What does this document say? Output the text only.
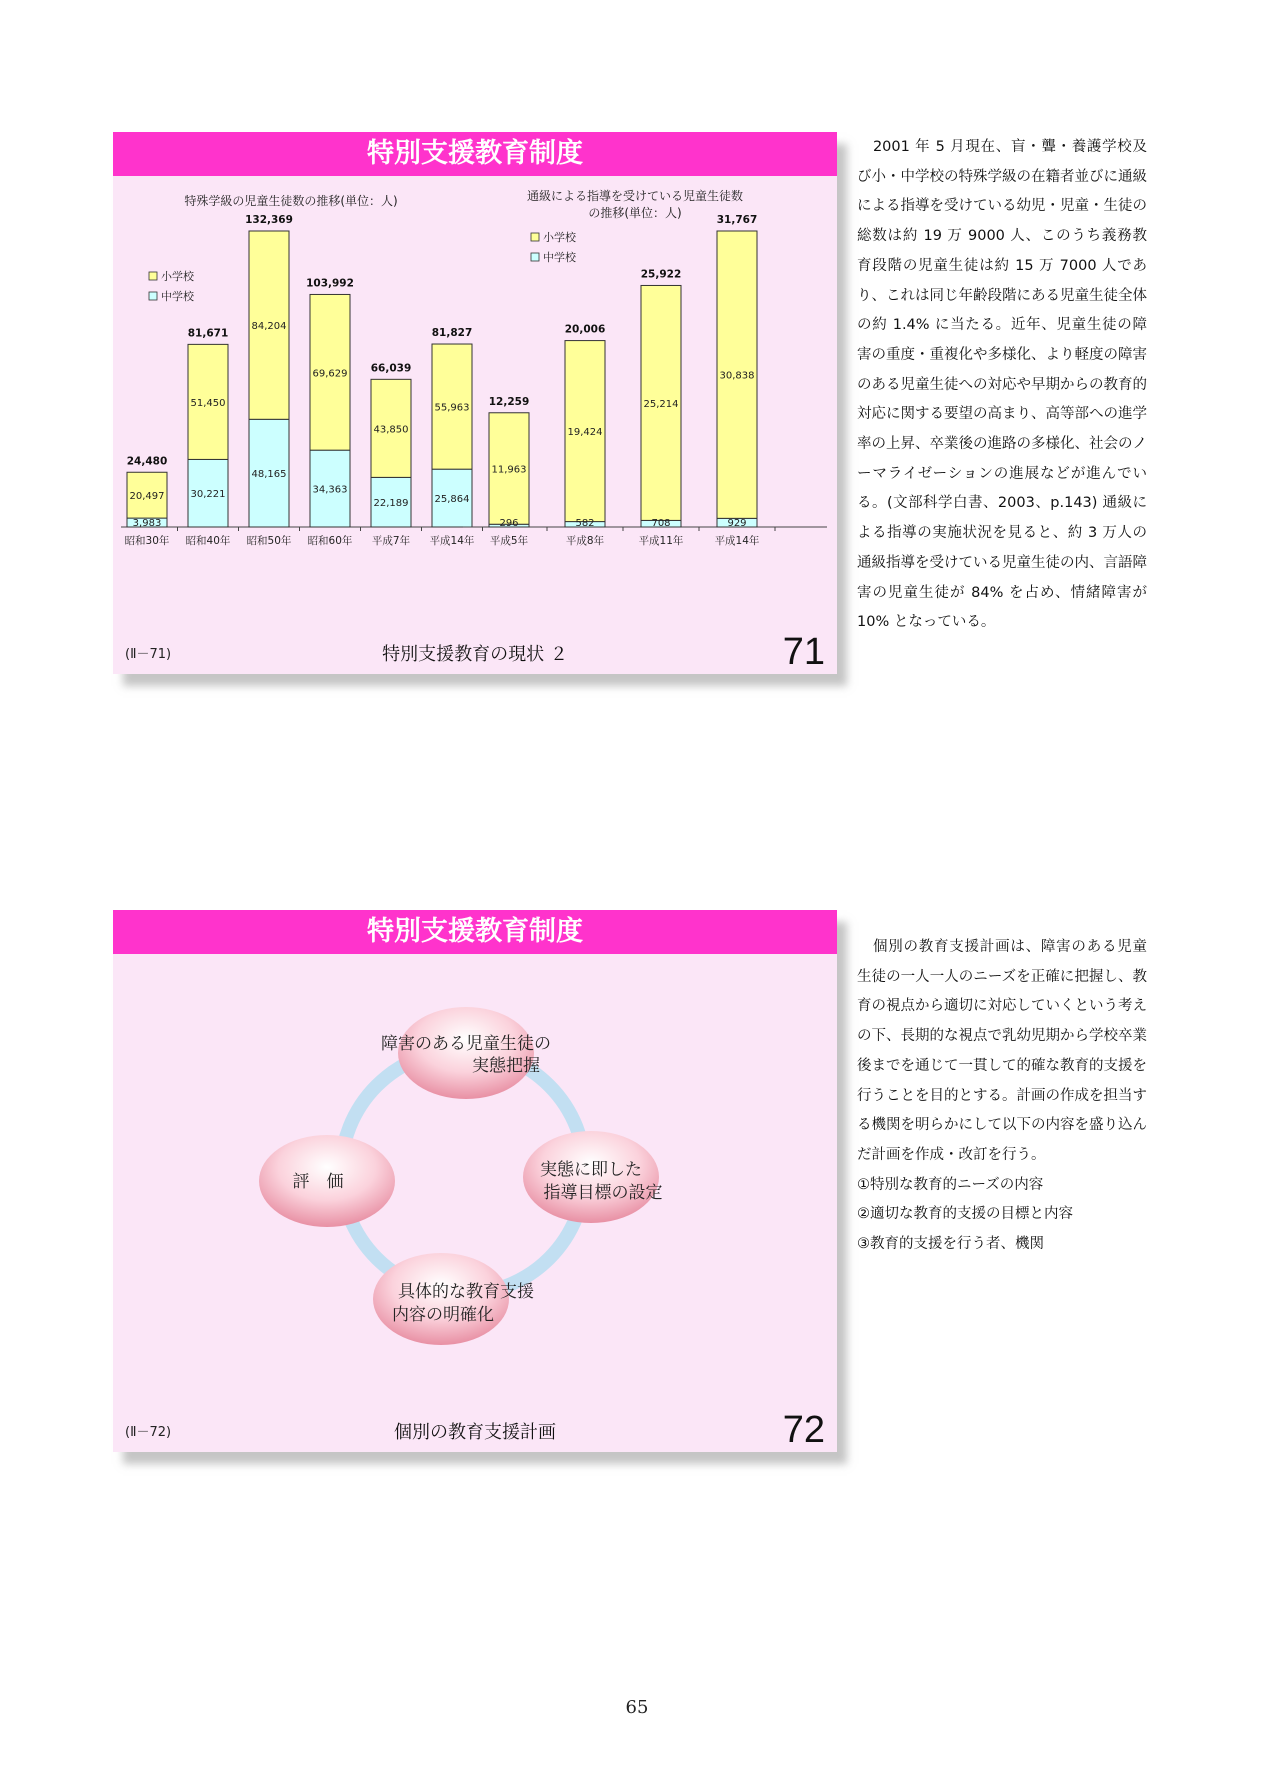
特別支援教育制度
特殊学級の児童生徒数の推移(単位：人)
小学校
中学校
3,983
20,497
24,480
昭和30年
30,221
51,450
81,671
昭和40年
48,165
84,204
132,369
昭和50年
34,363
69,629
103,992
昭和60年
22,189
43,850
66,039
平成7年
25,864
55,963
81,827
平成14年
通級による指導を受けている児童生徒数
の推移(単位：人)
小学校
中学校
296
11,963
12,259
平成5年
582
19,424
20,006
平成8年
708
25,214
25,922
平成11年
929
30,838
31,767
平成14年
(Ⅱ－71)	特別支援教育の現状 ２	71

2001 年 5 月現在、盲・聾・養護学校及び小・中学校の特殊学級の在籍者並びに通級による指導を受けている幼児・児童・生徒の総数は約 19 万 9000 人、このうち義務教育段階の児童生徒は約 15 万 7000 人であり、これは同じ年齢段階にある児童生徒全体の約 1.4% に当たる。近年、児童生徒の障害の重度・重複化や多様化、より軽度の障害のある児童生徒への対応や早期からの教育的対応に関する要望の高まり、高等部への進学率の上昇、卒業後の進路の多様化、社会のノーマライゼーションの進展などが進んでいる。(文部科学白書、2003、p.143) 通級による指導の実施状況を見ると、約 3 万人の通級指導を受けている児童生徒の内、言語障害の児童生徒が 84% を占め、情緒障害が 10% となっている。

特別支援教育制度
障害のある児童生徒の
実態把握
実態に即した
指導目標の設定
具体的な教育支援
内容の明確化
評　価
(Ⅱ－72)	個別の教育支援計画	72

個別の教育支援計画は、障害のある児童生徒の一人一人のニーズを正確に把握し、教育の視点から適切に対応していくという考えの下、長期的な視点で乳幼児期から学校卒業後までを通じて一貫して的確な教育的支援を行うことを目的とする。計画の作成を担当する機関を明らかにして以下の内容を盛り込んだ計画を作成・改訂を行う。

①特別な教育的ニーズの内容
②適切な教育的支援の目標と内容
③教育的支援を行う者、機関
65
